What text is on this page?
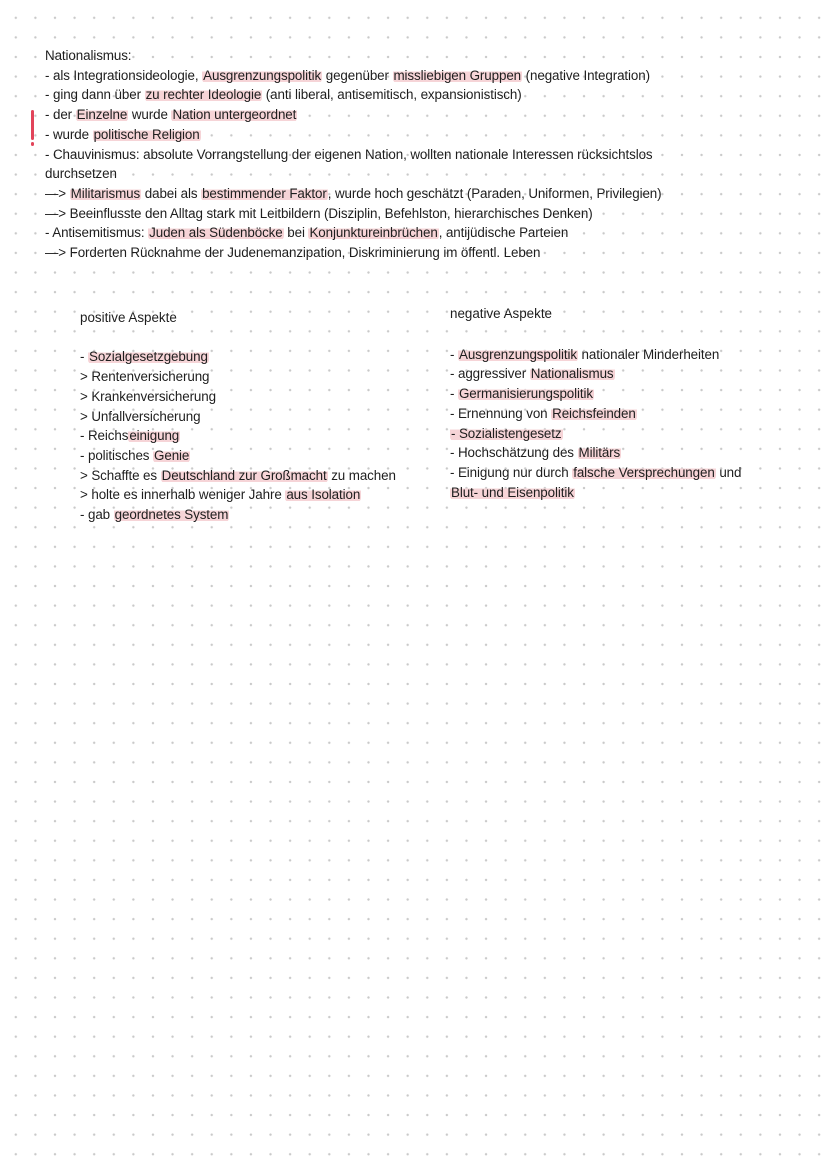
Nationalismus:
- als Integrationsideologie, Ausgrenzungspolitik gegenüber missliebigen Gruppen (negative Integration)
- ging dann über zu rechter Ideologie (anti liberal, antisemitisch, expansionistisch)
- der Einzelne wurde Nation untergeordnet
- wurde politische Religion
- Chauvinismus: absolute Vorrangstellung der eigenen Nation, wollten nationale Interessen rücksichtslos
durchsetzen
—> Militarismus dabei als bestimmender Faktor, wurde hoch geschätzt (Paraden, Uniformen, Privilegien)
—> Beeinflusste den Alltag stark mit Leitbildern (Disziplin, Befehlston, hierarchisches Denken)
- Antisemitismus: Juden als Südenböcke bei Konjunktureinbrüchen, antijüdische Parteien
—> Forderten Rücknahme der Judenemanzipation, Diskriminierung im öffentl. Leben
positive Aspekte
- Sozialgesetzgebung
> Rentenversicherung
> Krankenversicherung
> Unfallversicherung
- Reichseinigung
- politisches Genie
> Schaffte es Deutschland zur Großmacht zu machen
> holte es innerhalb weniger Jahre aus Isolation
- gab geordnetes System
negative Aspekte
- Ausgrenzungspolitik nationaler Minderheiten
- aggressiver Nationalismus
- Germanisierungspolitik
- Ernennung von Reichsfeinden
- Sozialistengesetz
- Hochschätzung des Militärs
- Einigung nur durch falsche Versprechungen und
Blut- und Eisenpolitik
